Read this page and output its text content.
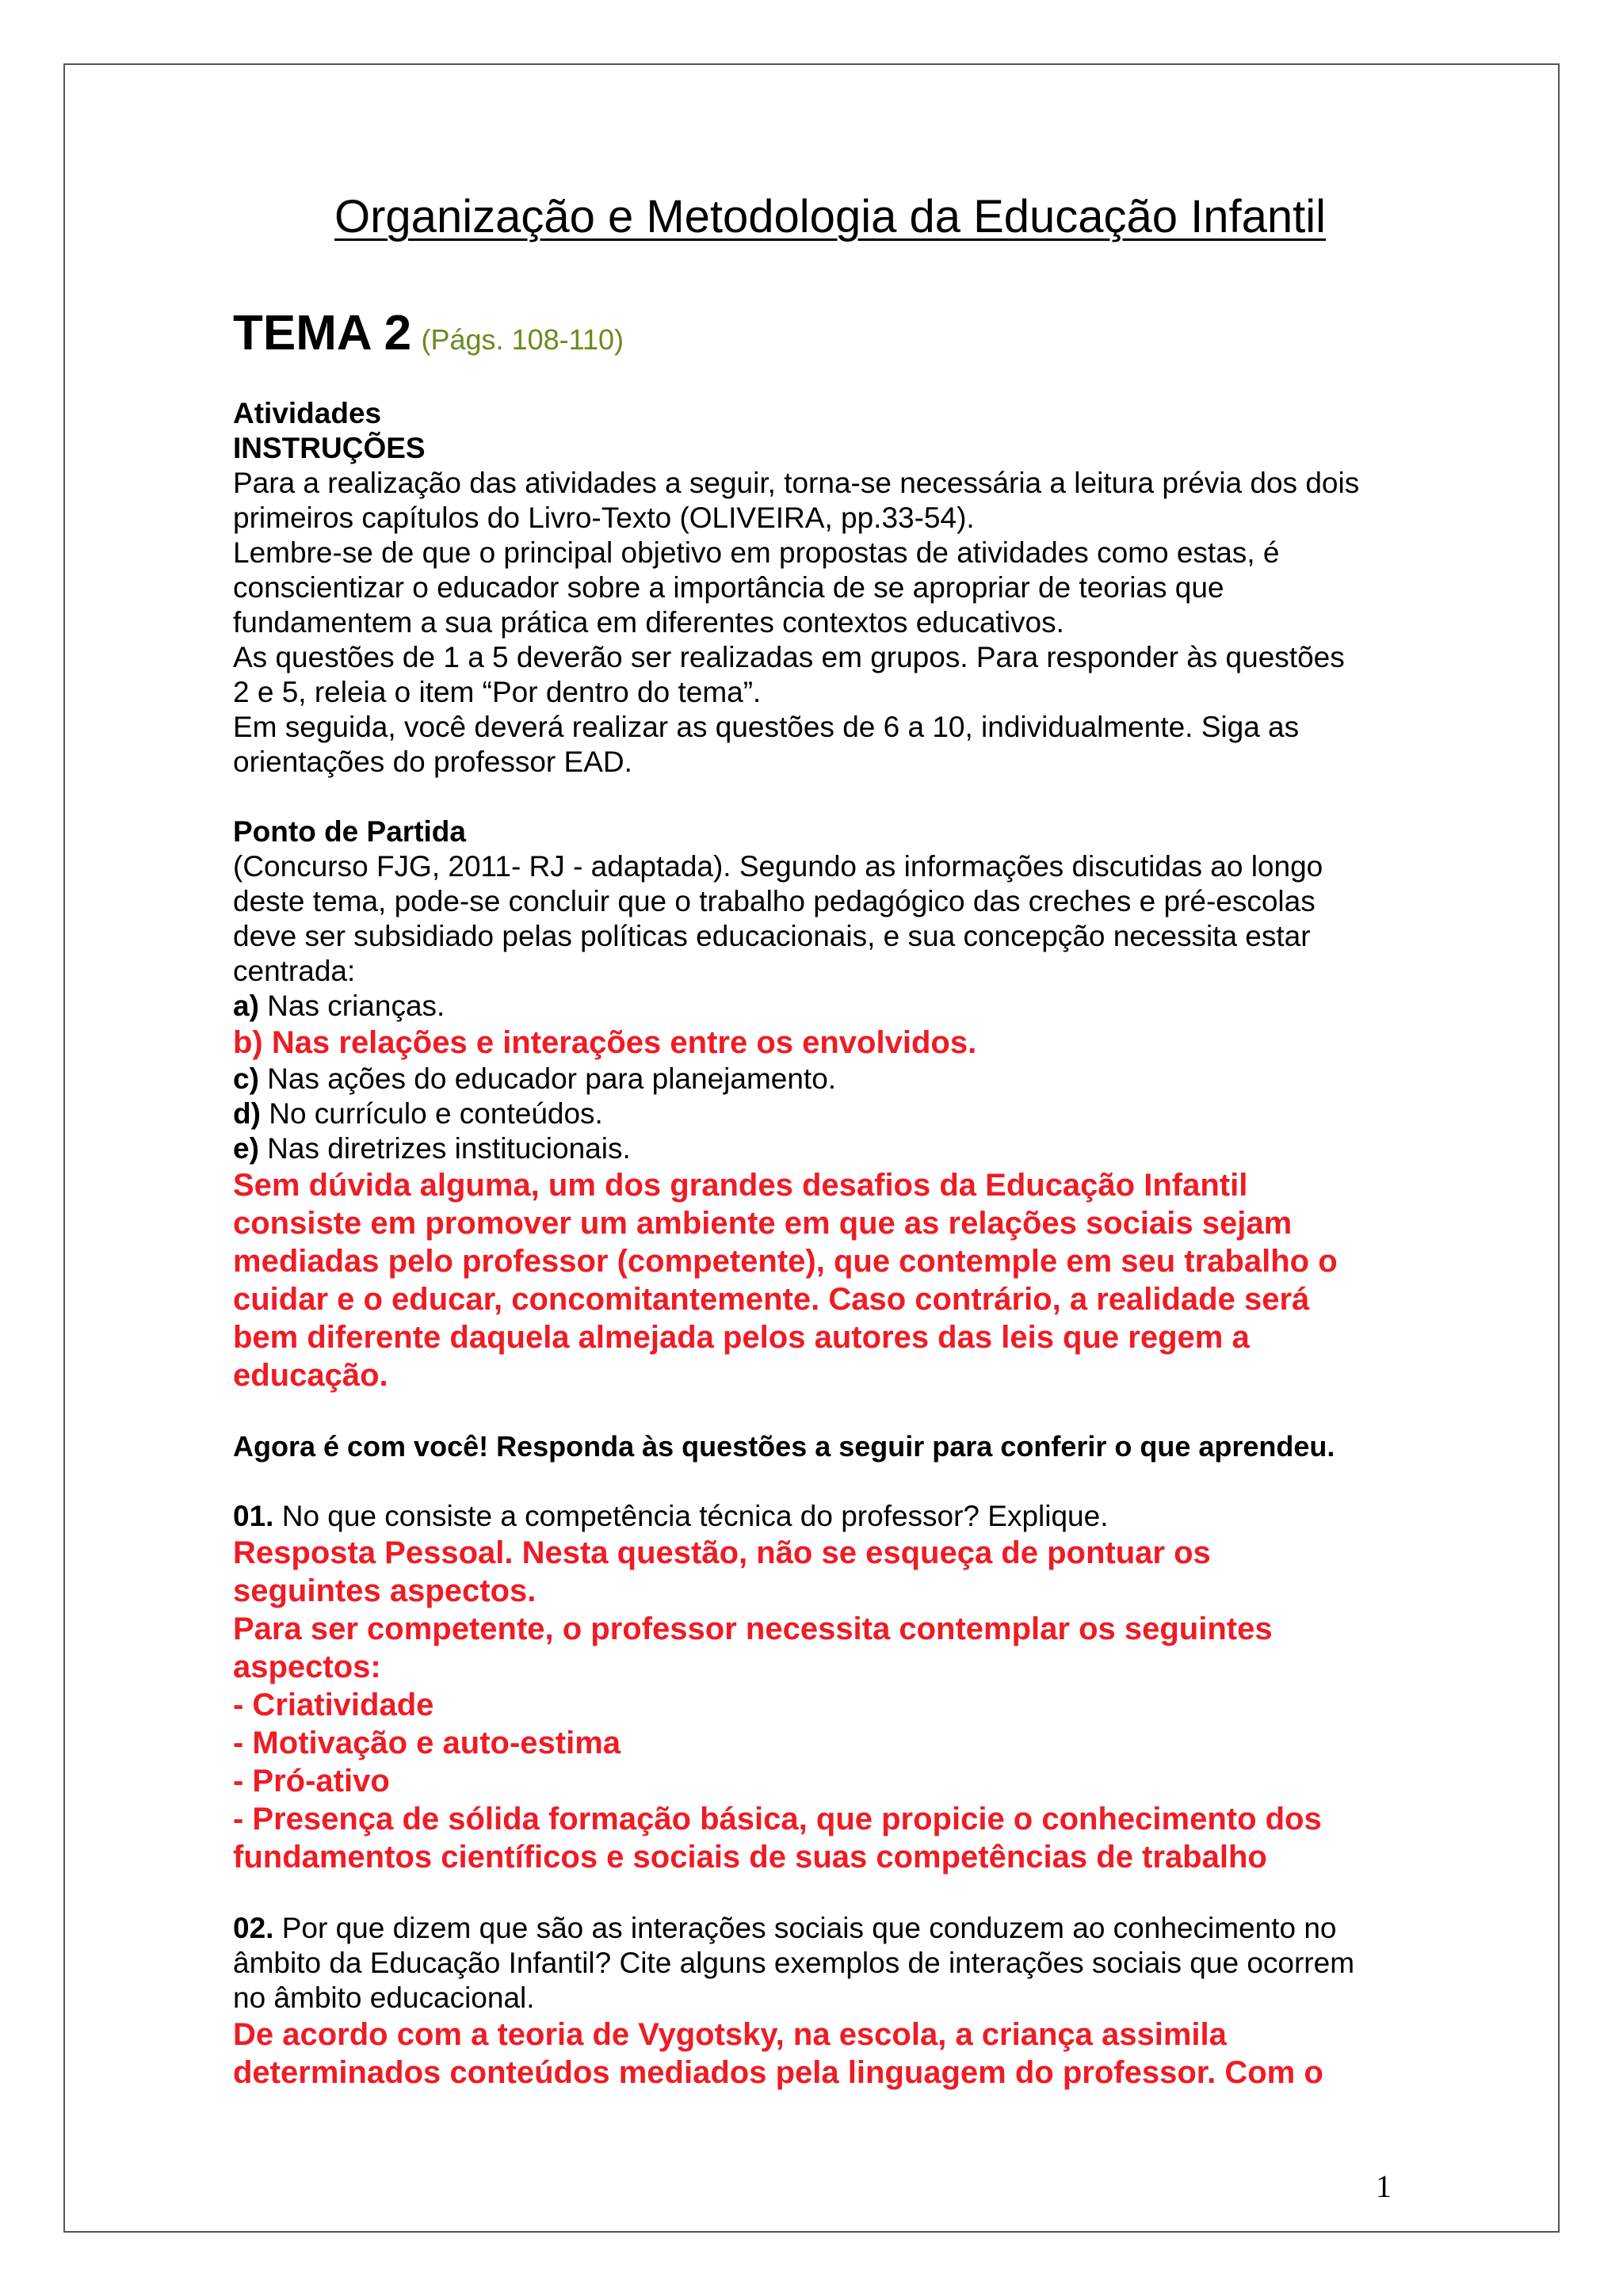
Organização e Metodologia da Educação Infantil
TEMA 2 (Págs. 108-110)

Atividades

INSTRUÇÕES

Para a realização das atividades a seguir, torna-se necessária a leitura prévia dos dois

primeiros capítulos do Livro-Texto (OLIVEIRA, pp.33-54).

Lembre-se de que o principal objetivo em propostas de atividades como estas, é

conscientizar o educador sobre a importância de se apropriar de teorias que

fundamentem a sua prática em diferentes contextos educativos.

As questões de 1 a 5 deverão ser realizadas em grupos. Para responder às questões

2 e 5, releia o item “Por dentro do tema”.

Em seguida, você deverá realizar as questões de 6 a 10, individualmente. Siga as

orientações do professor EAD.

Ponto de Partida

(Concurso FJG, 2011- RJ - adaptada). Segundo as informações discutidas ao longo

deste tema, pode-se concluir que o trabalho pedagógico das creches e pré-escolas

deve ser subsidiado pelas políticas educacionais, e sua concepção necessita estar

centrada:

a) Nas crianças.

b) Nas relações e interações entre os envolvidos.

c) Nas ações do educador para planejamento.

d) No currículo e conteúdos.

e) Nas diretrizes institucionais.

Sem dúvida alguma, um dos grandes desafios da Educação Infantil

consiste em promover um ambiente em que as relações sociais sejam

mediadas pelo professor (competente), que contemple em seu trabalho o

cuidar e o educar, concomitantemente. Caso contrário, a realidade será

bem diferente daquela almejada pelos autores das leis que regem a

educação.

Agora é com você! Responda às questões a seguir para conferir o que aprendeu.

01. No que consiste a competência técnica do professor? Explique.

Resposta Pessoal. Nesta questão, não se esqueça de pontuar os

seguintes aspectos.

Para ser competente, o professor necessita contemplar os seguintes

aspectos:

- Criatividade

- Motivação e auto-estima

- Pró-ativo

- Presença de sólida formação básica, que propicie o conhecimento dos

fundamentos científicos e sociais de suas competências de trabalho

02. Por que dizem que são as interações sociais que conduzem ao conhecimento no

âmbito da Educação Infantil? Cite alguns exemplos de interações sociais que ocorrem

no âmbito educacional.

De acordo com a teoria de Vygotsky, na escola, a criança assimila

determinados conteúdos mediados pela linguagem do professor. Com o

1
